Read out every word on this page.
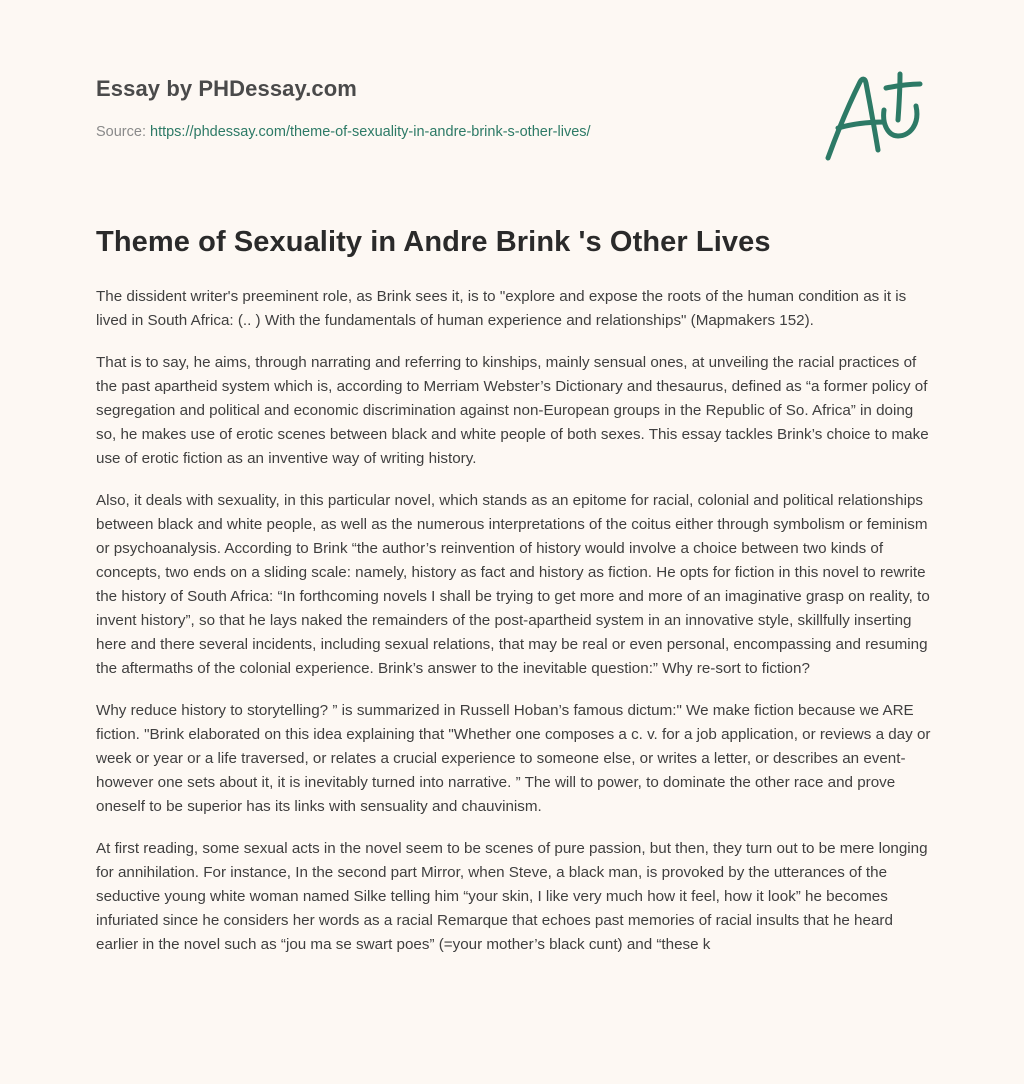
Essay by PHDessay.com
Source: https://phdessay.com/theme-of-sexuality-in-andre-brink-s-other-lives/
Theme of Sexuality in Andre Brink 's Other Lives

The dissident writer's preeminent role, as Brink sees it, is to "explore and expose the roots of the human condition as it is lived in South Africa: (.. ) With the fundamentals of human experience and relationships" (Mapmakers 152).

That is to say, he aims, through narrating and referring to kinships, mainly sensual ones, at unveiling the racial practices of the past apartheid system which is, according to Merriam Webster’s Dictionary and thesaurus, defined as “a former policy of segregation and political and economic discrimination against non-European groups in the Republic of So. Africa” in doing so, he makes use of erotic scenes between black and white people of both sexes. This essay tackles Brink’s choice to make use of erotic fiction as an inventive way of writing history.

Also, it deals with sexuality, in this particular novel, which stands as an epitome for racial, colonial and political relationships between black and white people, as well as the numerous interpretations of the coitus either through symbolism or feminism or psychoanalysis. According to Brink “the author’s reinvention of history would involve a choice between two kinds of concepts, two ends on a sliding scale: namely, history as fact and history as fiction. He opts for fiction in this novel to rewrite the history of South Africa: “In forthcoming novels I shall be trying to get more and more of an imaginative grasp on reality, to invent history”, so that he lays naked the remainders of the post-apartheid system in an innovative style, skillfully inserting here and there several incidents, including sexual relations, that may be real or even personal, encompassing and resuming the aftermaths of the colonial experience. Brink’s answer to the inevitable question:” Why re-sort to fiction?

Why reduce history to storytelling? ” is summarized in Russell Hoban’s famous dictum:" We make fiction because we ARE fiction. "Brink elaborated on this idea explaining that "Whether one composes a c. v. for a job application, or reviews a day or week or year or a life traversed, or relates a crucial experience to someone else, or writes a letter, or describes an event-however one sets about it, it is inevitably turned into narrative. ” The will to power, to dominate the other race and prove oneself to be superior has its links with sensuality and chauvinism.

At first reading, some sexual acts in the novel seem to be scenes of pure passion, but then, they turn out to be mere longing for annihilation. For instance, In the second part Mirror, when Steve, a black man, is provoked by the utterances of the seductive young white woman named Silke telling him “your skin, I like very much how it feel, how it look” he becomes infuriated since he considers her words as a racial Remarque that echoes past memories of racial insults that he heard earlier in the novel such as “jou ma se swart poes” (=your mother’s black cunt) and “these k
